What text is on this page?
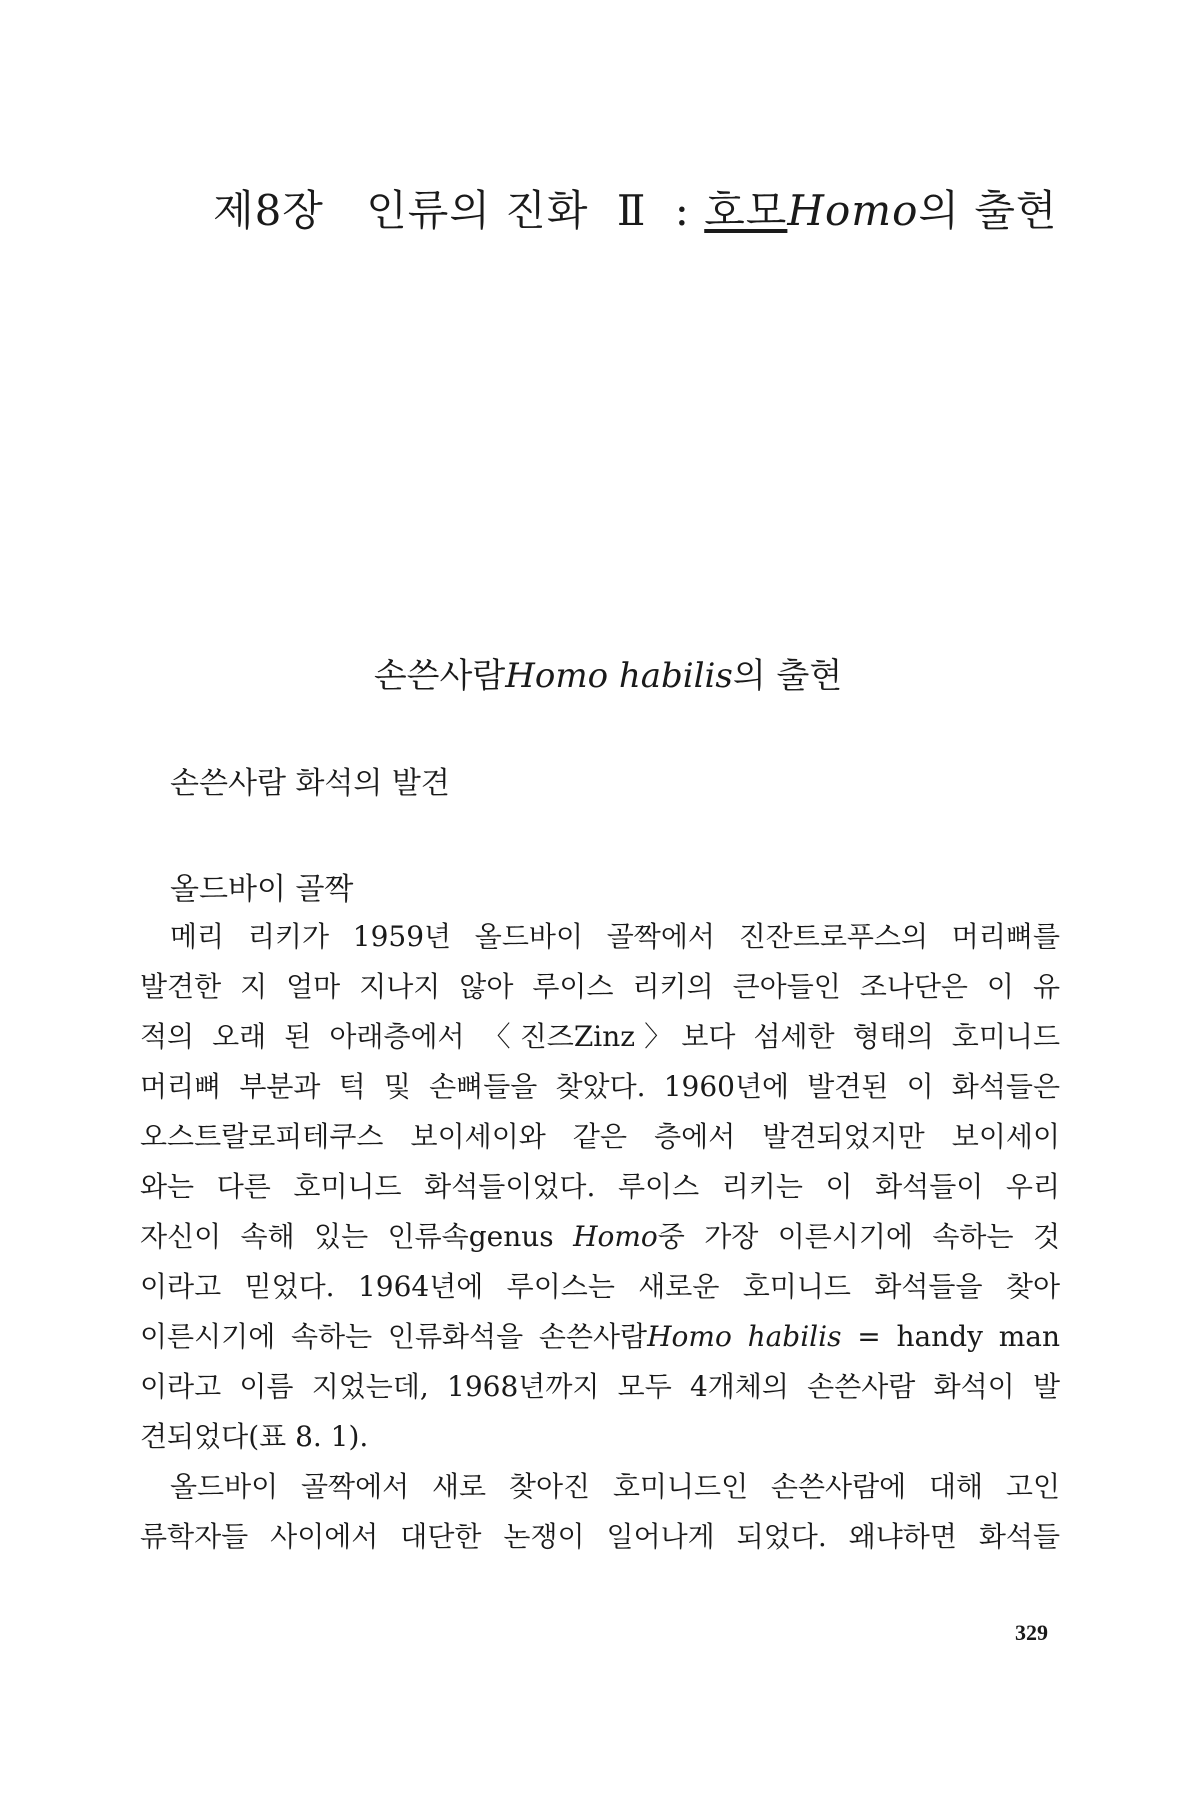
제8장 인류의 진화 Ⅱ : 호모Homo의 출현
손쓴사람Homo habilis의 출현
손쓴사람 화석의 발견
올드바이 골짝
메리 리키가 1959년 올드바이 골짝에서 진잔트로푸스의 머리뼈를
발견한 지 얼마 지나지 않아 루이스 리키의 큰아들인 조나단은 이 유
적의 오래 된 아래층에서 〈진즈Zinz〉보다 섬세한 형태의 호미니드
머리뼈 부분과 턱 및 손뼈들을 찾았다. 1960년에 발견된 이 화석들은
오스트랄로피테쿠스 보이세이와 같은 층에서 발견되었지만 보이세이
와는 다른 호미니드 화석들이었다. 루이스 리키는 이 화석들이 우리
자신이 속해 있는 인류속genus Homo중 가장 이른시기에 속하는 것
이라고 믿었다. 1964년에 루이스는 새로운 호미니드 화석들을 찾아
이른시기에 속하는 인류화석을 손쓴사람Homo habilis = handy man
이라고 이름 지었는데, 1968년까지 모두 4개체의 손쓴사람 화석이 발
견되었다(표 8. 1).
올드바이 골짝에서 새로 찾아진 호미니드인 손쓴사람에 대해 고인
류학자들 사이에서 대단한 논쟁이 일어나게 되었다. 왜냐하면 화석들
329
